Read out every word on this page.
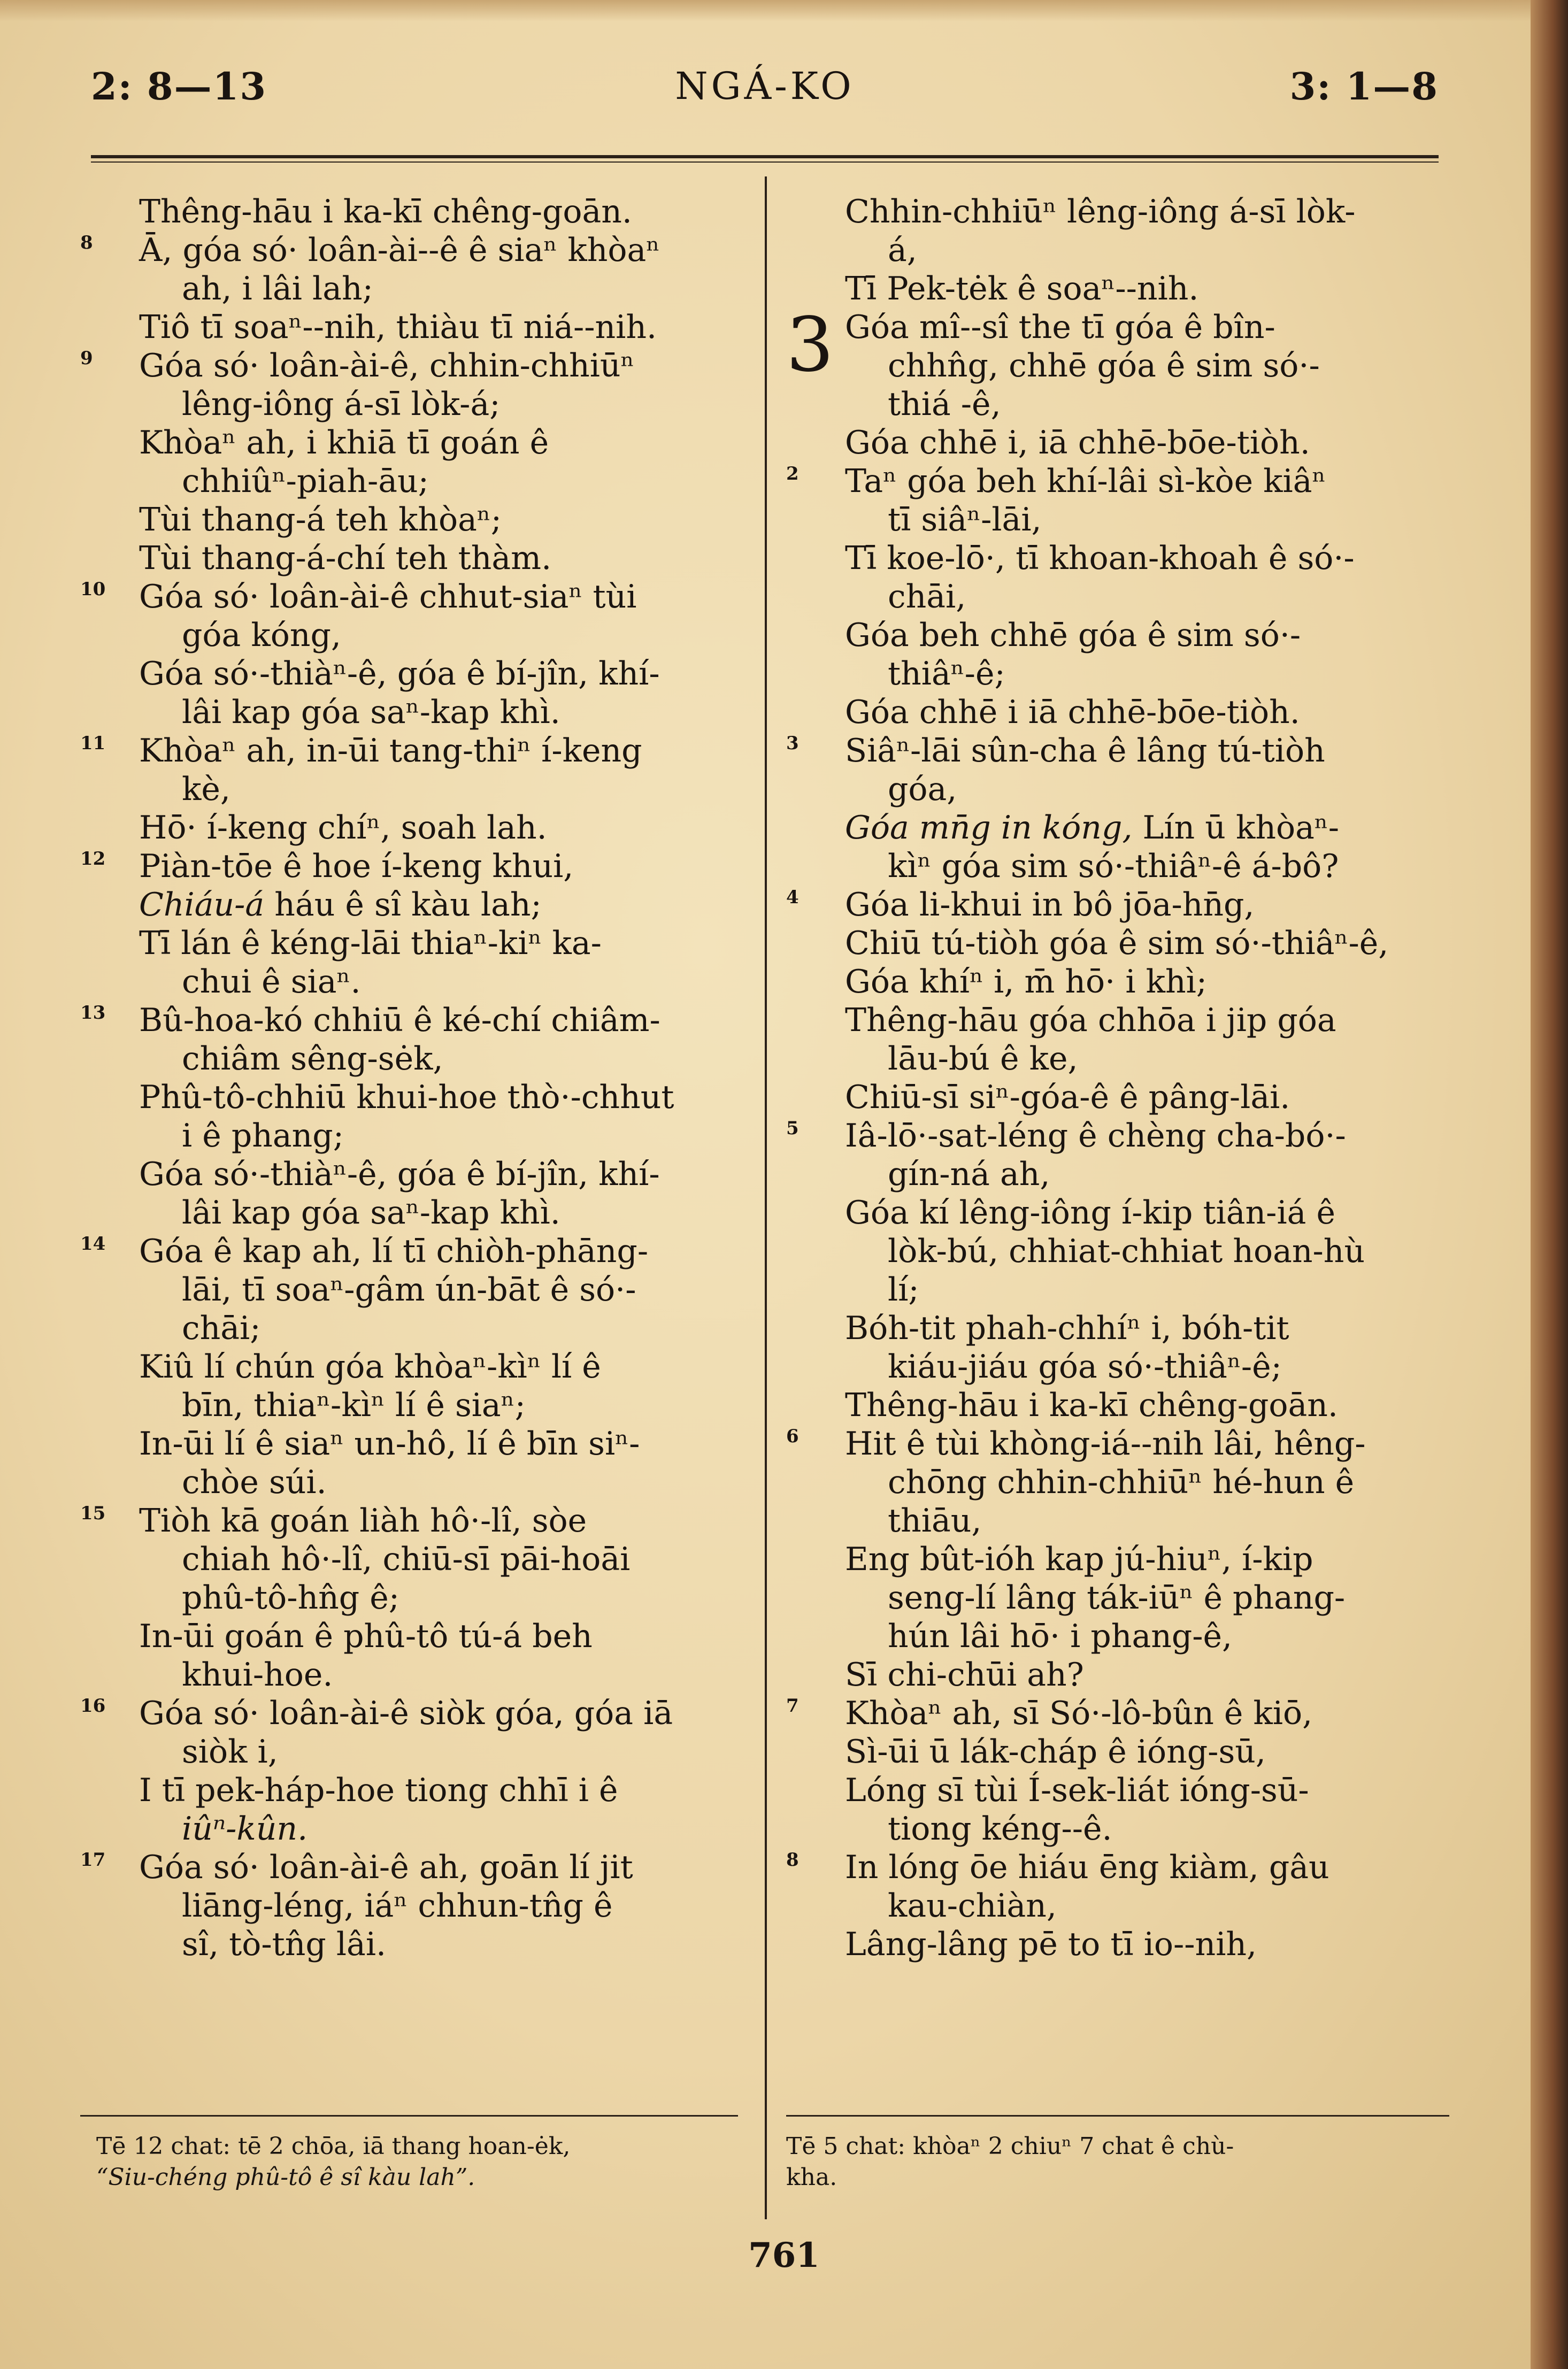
2: 8—13	NGÁ-KO	3: 1—8
Thêng-hāu i ka-kī chêng-goān.
8 Ā, góa só· loân-ài--ê ê siaⁿ khòaⁿ
ah, i lâi lah;
Tiô tī soaⁿ--nih, thiàu tī niá--nih.
9 Góa só· loân-ài-ê, chhin-chhiūⁿ
lêng-iông á-sī lòk-á;
Khòaⁿ ah, i khiā tī goán ê
chhiûⁿ-piah-āu;
Tùi thang-á teh khòaⁿ;
Tùi thang-á-chí teh thàm.
10 Góa só· loân-ài-ê chhut-siaⁿ tùi
góa kóng,
Góa só·-thiàⁿ-ê, góa ê bí-jîn, khí-
lâi kap góa saⁿ-kap khì.
11 Khòaⁿ ah, in-ūi tang-thiⁿ í-keng
kè,
Hō· í-keng chíⁿ, soah lah.
12 Piàn-tōe ê hoe í-keng khui,
Chiáu-á háu ê sî kàu lah;
Tī lán ê kéng-lāi thiaⁿ-kiⁿ ka-
chui ê siaⁿ.
13 Bû-hoa-kó chhiū ê ké-chí chiâm-
chiâm sêng-sėk,
Phû-tô-chhiū khui-hoe thò·-chhut
i ê phang;
Góa só·-thiàⁿ-ê, góa ê bí-jîn, khí-
lâi kap góa saⁿ-kap khì.
14 Góa ê kap ah, lí tī chiòh-phāng-
lāi, tī soaⁿ-gâm ún-bāt ê só·-
chāi;
Kiû lí chún góa khòaⁿ-kìⁿ lí ê
bīn, thiaⁿ-kìⁿ lí ê siaⁿ;
In-ūi lí ê siaⁿ un-hô, lí ê bīn siⁿ-
chòe súi.
15 Tiòh kā goán liàh hô·-lî, sòe
chiah hô·-lî, chiū-sī pāi-hoāi
phû-tô-hn̂g ê;
In-ūi goán ê phû-tô tú-á beh
khui-hoe.
16 Góa só· loân-ài-ê siòk góa, góa iā
siòk i,
I tī pek-háp-hoe tiong chhī i ê
iûⁿ-kûn.
17 Góa só· loân-ài-ê ah, goān lí jit
liāng-léng, iáⁿ chhun-tn̂g ê
sî, tò-tn̂g lâi.
Chhin-chhiūⁿ lêng-iông á-sī lòk-
á,
Tī Pek-tėk ê soaⁿ--nih.
3 Góa mî--sî the tī góa ê bîn-
chhn̂g, chhē góa ê sim só·-
thiá -ê,
Góa chhē i, iā chhē-bōe-tiòh.
2 Taⁿ góa beh khí-lâi sì-kòe kiâⁿ
tī siâⁿ-lāi,
Tī koe-lō·, tī khoan-khoah ê só·-
chāi,
Góa beh chhē góa ê sim só·-
thiâⁿ-ê;
Góa chhē i iā chhē-bōe-tiòh.
3 Siâⁿ-lāi sûn-cha ê lâng tú-tiòh
góa,
Góa mn̄g in kóng, Lín ū khòaⁿ-
kìⁿ góa sim só·-thiâⁿ-ê á-bô?
4 Góa li-khui in bô jōa-hn̄g,
Chiū tú-tiòh góa ê sim só·-thiâⁿ-ê,
Góa khíⁿ i, m̄ hō· i khì;
Thêng-hāu góa chhōa i jip góa
lāu-bú ê ke,
Chiū-sī siⁿ-góa-ê ê pâng-lāi.
5 Iâ-lō·-sat-léng ê chèng cha-bó·-
gín-ná ah,
Góa kí lêng-iông í-kip tiân-iá ê
lòk-bú, chhiat-chhiat hoan-hù
lí;
Bóh-tit phah-chhíⁿ i, bóh-tit
kiáu-jiáu góa só·-thiâⁿ-ê;
Thêng-hāu i ka-kī chêng-goān.
6 Hit ê tùi khòng-iá--nih lâi, hêng-
chōng chhin-chhiūⁿ hé-hun ê
thiāu,
Eng bût-ióh kap jú-hiuⁿ, í-kip
seng-lí lâng ták-iūⁿ ê phang-
hún lâi hō· i phang-ê,
Sī chi-chūi ah?
7 Khòaⁿ ah, sī Só·-lô-bûn ê kiō,
Sì-ūi ū lák-cháp ê ióng-sū,
Lóng sī tùi Í-sek-liát ióng-sū-
tiong kéng--ê.
8 In lóng ōe hiáu ēng kiàm, gâu
kau-chiàn,
Lâng-lâng pē to tī io--nih,
Tē 12 chat: tē 2 chōa, iā thang hoan-ėk,
“Siu-chéng phû-tô ê sî kàu lah”.
Tē 5 chat: khòaⁿ 2 chiuⁿ 7 chat ê chù-
kha.
761
